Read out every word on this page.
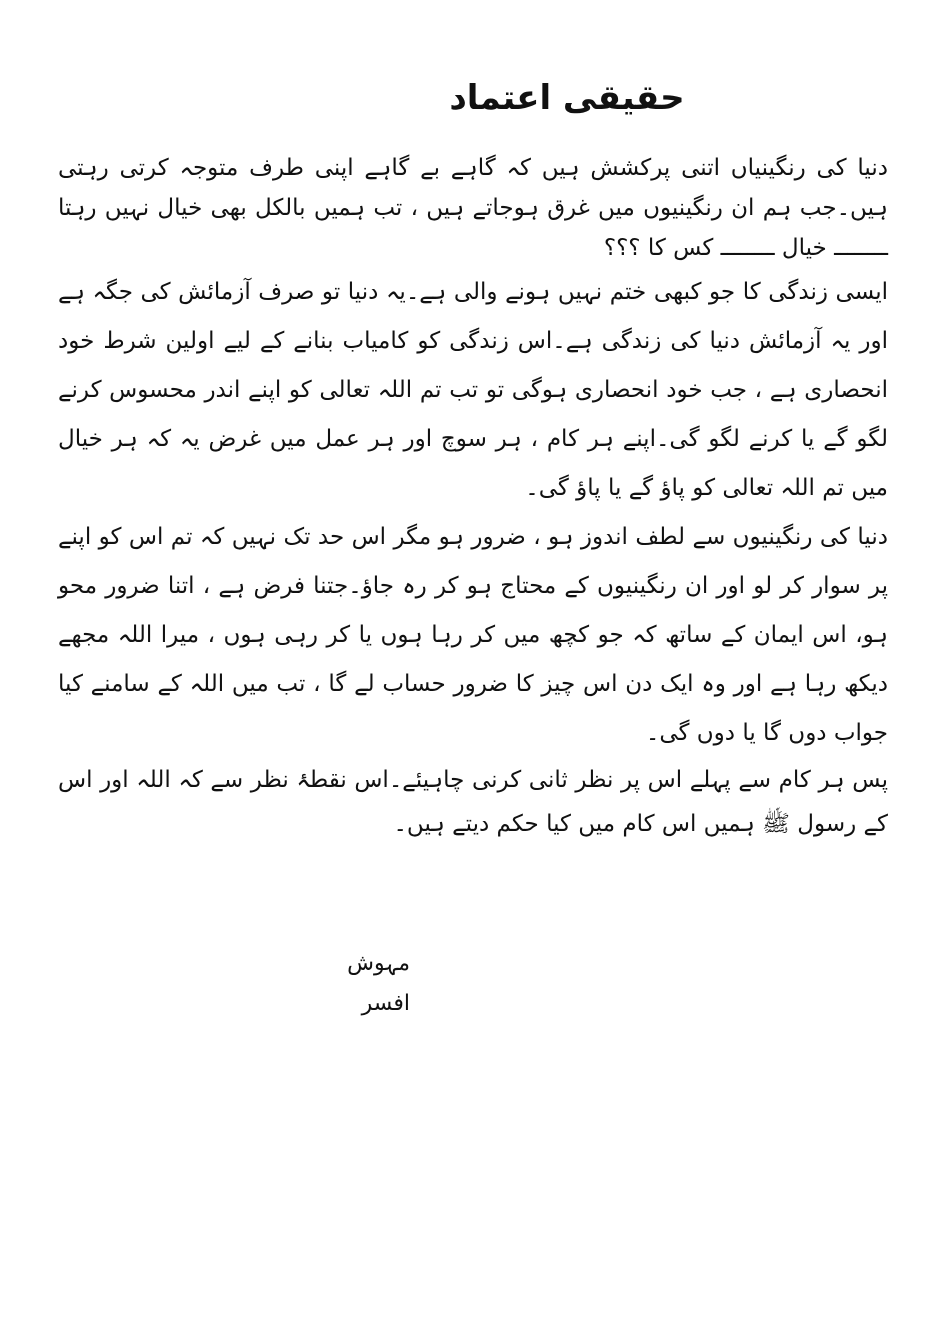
حقیقی اعتماد

دنیا کی رنگینیاں اتنی پرکشش ہیں کہ گاہے بے گاہے اپنی طرف متوجہ کرتی رہتی ہیں۔جب ہم ان رنگینیوں میں غرق ہوجاتے ہیں ، تب ہمیں بالکل بھی خیال نہیں رہتا ــــــــ خیال ــــــــ کس کا ؟؟؟

ایسی زندگی کا جو کبھی ختم نہیں ہونے والی ہے۔یہ دنیا تو صرف آزمائش کی جگہ ہے اور یہ آزمائش دنیا کی زندگی ہے۔اس زندگی کو کامیاب بنانے کے لیے اولین شرط خود انحصاری ہے ، جب خود انحصاری ہوگی تو تب تم اللہ تعالی کو اپنے اندر محسوس کرنے لگو گے یا کرنے لگو گی۔اپنے ہر کام ، ہر سوچ اور ہر عمل میں غرض یہ کہ ہر خیال میں تم اللہ تعالی کو پاؤ گے یا پاؤ گی۔

دنیا کی رنگینیوں سے لطف اندوز ہو ، ضرور ہو مگر اس حد تک نہیں کہ تم اس کو اپنے پر سوار کر لو اور ان رنگینیوں کے محتاج ہو کر رہ جاؤ۔جتنا فرض ہے ، اتنا ضرور محو ہو، اس ایمان کے ساتھ کہ جو کچھ میں کر رہا ہوں یا کر رہی ہوں ، میرا اللہ مجھے دیکھ رہا ہے اور وہ ایک دن اس چیز کا ضرور حساب لے گا ، تب میں اللہ کے سامنے کیا جواب دوں گا یا دوں گی۔

پس ہر کام سے پہلے اس پر نظر ثانی کرنی چاہیئے۔اس نقطۂ نظر سے کہ اللہ اور اس کے رسول ﷺ ہمیں اس کام میں کیا حکم دیتے ہیں۔

مہوش افسر
